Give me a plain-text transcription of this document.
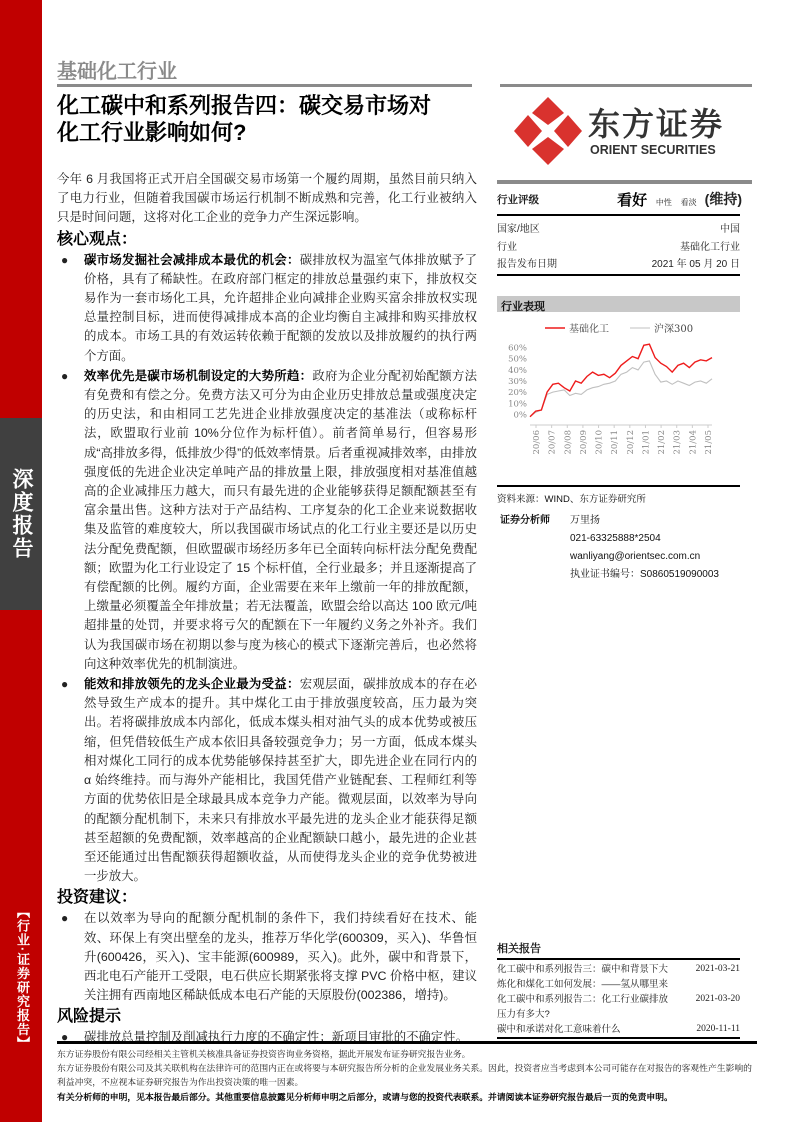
深度报告
【行业·证券研究报告】
基础化工行业
化工碳中和系列报告四：碳交易市场对
化工行业影响如何?	东方证券
ORIENT SECURITIES

今年 6 月我国将正式开启全国碳交易市场第一个履约周期，虽然目前只纳入了电力行业，但随着我国碳市场运行机制不断成熟和完善，化工行业被纳入只是时间问题，这将对化工企业的竞争力产生深远影响。

核心观点：
● 碳市场发掘社会减排成本最优的机会：碳排放权为温室气体排放赋予了价格，具有了稀缺性。在政府部门框定的排放总量强约束下，排放权交易作为一套市场化工具，允许超排企业向减排企业购买富余排放权实现总量控制目标，进而使得减排成本高的企业均衡自主减排和购买排放权的成本。市场工具的有效运转依赖于配额的发放以及排放履约的执行两个方面。
● 效率优先是碳市场机制设定的大势所趋：政府为企业分配初始配额方法有免费和有偿之分。免费方法又可分为由企业历史排放总量或强度决定的历史法，和由相同工艺先进企业排放强度决定的基准法（或称标杆法，欧盟取行业前 10%分位作为标杆值）。前者简单易行，但容易形成“高排放多得，低排放少得”的低效率情景。后者重视减排效率，由排放强度低的先进企业决定单吨产品的排放量上限，排放强度相对基准值越高的企业减排压力越大，而只有最先进的企业能够获得足额配额甚至有富余量出售。这种方法对于产品结构、工序复杂的化工企业来说数据收集及监管的难度较大，所以我国碳市场试点的化工行业主要还是以历史法分配免费配额，但欧盟碳市场经历多年已全面转向标杆法分配免费配额；欧盟为化工行业设定了 15 个标杆值，全行业最多；并且逐渐提高了有偿配额的比例。履约方面，企业需要在来年上缴前一年的排放配额，上缴量必须覆盖全年排放量；若无法覆盖，欧盟会给以高达 100 欧元/吨超排量的处罚，并要求将亏欠的配额在下一年履约义务之外补齐。我们认为我国碳市场在初期以参与度为核心的模式下逐渐完善后，也必然将向这种效率优先的机制演进。
● 能效和排放领先的龙头企业最为受益：宏观层面，碳排放成本的存在必然导致生产成本的提升。其中煤化工由于排放强度较高，压力最为突出。若将碳排放成本内部化，低成本煤头相对油气头的成本优势或被压缩，但凭借较低生产成本依旧具备较强竞争力；另一方面，低成本煤头相对煤化工同行的成本优势能够保持甚至扩大，即先进企业在同行内的 α 始终维持。而与海外产能相比，我国凭借产业链配套、工程师红利等方面的优势依旧是全球最具成本竞争力产能。微观层面，以效率为导向的配额分配机制下，未来只有排放水平最先进的龙头企业才能获得足额甚至超额的免费配额，效率越高的企业配额缺口越小，最先进的企业甚至还能通过出售配额获得超额收益，从而使得龙头企业的竞争优势被进一步放大。
投资建议：
● 在以效率为导向的配额分配机制的条件下，我们持续看好在技术、能效、环保上有突出壁垒的龙头，推荐万华化学(600309，买入)、华鲁恒升(600426，买入)、宝丰能源(600989，买入)。此外，碳中和背景下，西北电石产能开工受限，电石供应长期紧张将支撑 PVC 价格中枢，建议关注拥有西南地区稀缺低成本电石产能的天原股份(002386，增持)。
风险提示
● 碳排放总量控制及削减执行力度的不确定性；新项目审批的不确定性。
行业评级	看好 中性 看淡 (维持)
国家/地区	中国
行业	基础化工行业
报告发布日期	2021 年 05 月 20 日
行业表现
基础化工	沪深300
0%
10%
20%
30%
40%
50%
60%
20/06 20/07 20/08 20/09 20/10 20/11 20/12 21/01 21/02 21/03 21/04 21/05
资料来源：WIND、东方证券研究所
证券分析师	万里扬
021-63325888*2504
wanliyang@orientsec.com.cn
执业证书编号：S0860519090003
相关报告
化工碳中和系列报告三：碳中和背景下大炼化和煤化工如何发展：——氢从哪里来
2021-03-21
化工碳中和系列报告二：化工行业碳排放压力有多大?
2021-03-20
碳中和承诺对化工意味着什么	2020-11-11
东方证券股份有限公司经相关主管机关核准具备证券投资咨询业务资格，据此开展发布证券研究报告业务。
东方证券股份有限公司及其关联机构在法律许可的范围内正在或将要与本研究报告所分析的企业发展业务关系。因此，投资者应当考虑到本公司可能存在对报告的客观性产生影响的利益冲突，不应视本证券研究报告为作出投资决策的唯一因素。
有关分析师的申明，见本报告最后部分。其他重要信息披露见分析师申明之后部分，或请与您的投资代表联系。并请阅读本证券研究报告最后一页的免责申明。
